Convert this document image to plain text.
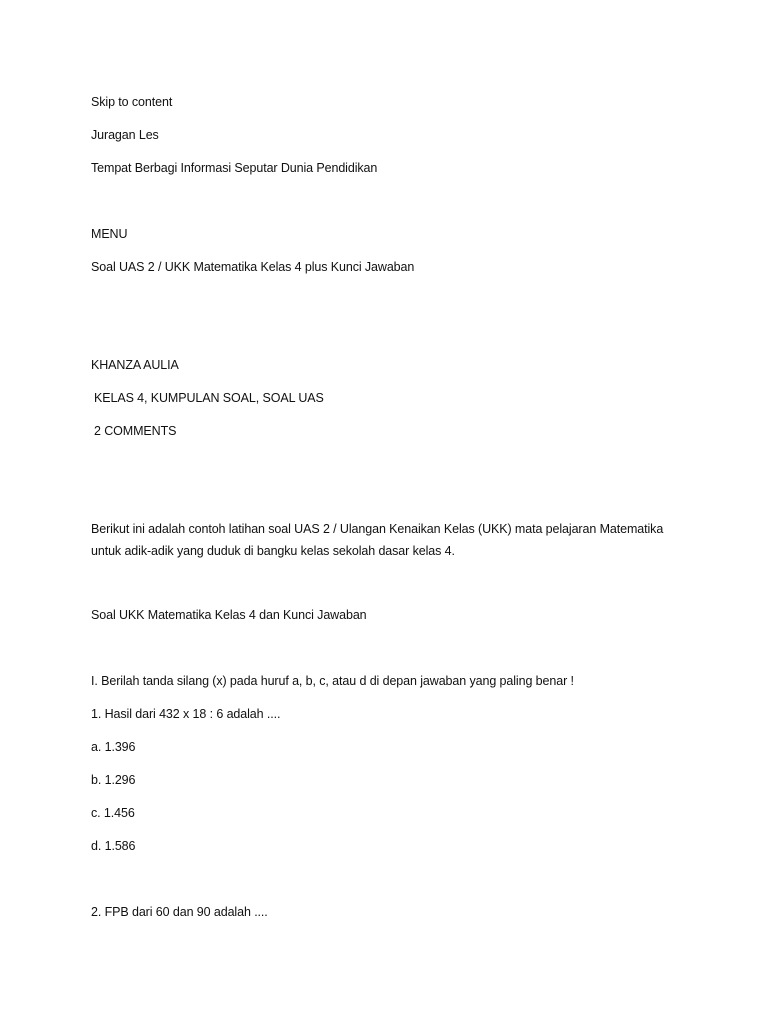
Skip to content
Juragan Les
Tempat Berbagi Informasi Seputar Dunia Pendidikan
MENU
Soal UAS 2 / UKK Matematika Kelas 4 plus Kunci Jawaban
KHANZA AULIA
KELAS 4, KUMPULAN SOAL, SOAL UAS
2 COMMENTS
Berikut ini adalah contoh latihan soal UAS 2 / Ulangan Kenaikan Kelas (UKK) mata pelajaran Matematika
untuk adik-adik yang duduk di bangku kelas sekolah dasar kelas 4.
Soal UKK Matematika Kelas 4 dan Kunci Jawaban
I. Berilah tanda silang (x) pada huruf a, b, c, atau d di depan jawaban yang paling benar !
1. Hasil dari 432 x 18 : 6 adalah ....
a. 1.396
b. 1.296
c. 1.456
d. 1.586
2. FPB dari 60 dan 90 adalah ....
